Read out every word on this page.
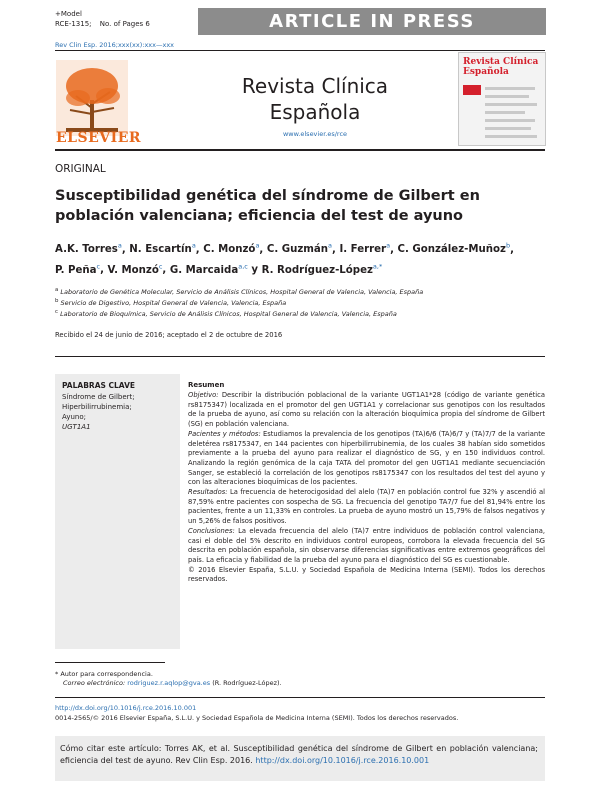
+Model
RCE-1315; No. of Pages 6	ARTICLE IN PRESS
Rev Clin Esp. 2016;xxx(xx):xxx—xxx
ELSEVIER
Revista Clínica
Española
www.elsevier.es/rce
Revista Clínica
Española
ORIGINAL
Susceptibilidad genética del síndrome de Gilbert en población valenciana; eficiencia del test de ayuno
A.K. Torres$^a$, N. Escartín$^a$, C. Monzó$^a$, C. Guzmán$^a$, I. Ferrer$^a$, C. González-Muñoz$^b$,
P. Peña$^c$, V. Monzó$^c$, G. Marcaida$^{a,c}$ y R. Rodríguez-López$^{a,*}$
$^a$ Laboratorio de Genética Molecular, Servicio de Análisis Clínicos, Hospital General de Valencia, Valencia, España
$^b$ Servicio de Digestivo, Hospital General de Valencia, Valencia, España
$^c$ Laboratorio de Bioquímica, Servicio de Análisis Clínicos, Hospital General de Valencia, Valencia, España
Recibido el 24 de junio de 2016; aceptado el 2 de octubre de 2016
PALABRAS CLAVE
Síndrome de Gilbert;
Hiperbilirrubinemia;
Ayuno;
UGT1A1
Resumen

Objetivo: Describir la distribución poblacional de la variante UGT1A1*28 (código de variante genética rs8175347) localizada en el promotor del gen UGT1A1 y correlacionar sus genotipos con los resultados de la prueba de ayuno, así como su relación con la alteración bioquímica propia del síndrome de Gilbert (SG) en población valenciana.

Pacientes y métodos: Estudiamos la prevalencia de los genotipos (TA)6/6 (TA)6/7 y (TA)7/7 de la variante deletérea rs8175347, en 144 pacientes con hiperbilirrubinemia, de los cuales 38 habían sido sometidos previamente a la prueba del ayuno para realizar el diagnóstico de SG, y en 150 individuos control. Analizando la región genómica de la caja TATA del promotor del gen UGT1A1 mediante secuenciación Sanger, se estableció la correlación de los genotipos rs8175347 con los resultados del test del ayuno y con las alteraciones bioquímicas de los pacientes.

Resultados: La frecuencia de heterocigosidad del alelo (TA)7 en población control fue 32% y ascendió al 87,59% entre pacientes con sospecha de SG. La frecuencia del genotipo TA7/7 fue del 81,94% entre los pacientes, frente a un 11,33% en controles. La prueba de ayuno mostró un 15,79% de falsos negativos y un 5,26% de falsos positivos.

Conclusiones: La elevada frecuencia del alelo (TA)7 entre individuos de población control valenciana, casi el doble del 5% descrito en individuos control europeos, corrobora la elevada frecuencia del SG descrita en población española, sin observarse diferencias significativas entre extremos geográficos del país. La eficacia y fiabilidad de la prueba del ayuno para el diagnóstico del SG es cuestionable.

© 2016 Elsevier España, S.L.U. y Sociedad Española de Medicina Interna (SEMI). Todos los derechos reservados.

* Autor para correspondencia.
Correo electrónico: rodriguez.r.aqlop@gva.es (R. Rodríguez-López).
http://dx.doi.org/10.1016/j.rce.2016.10.001
0014-2565/© 2016 Elsevier España, S.L.U. y Sociedad Española de Medicina Interna (SEMI). Todos los derechos reservados.
Cómo citar este artículo: Torres AK, et al. Susceptibilidad genética del síndrome de Gilbert en población valenciana; eficiencia del test de ayuno. Rev Clin Esp. 2016. http://dx.doi.org/10.1016/j.rce.2016.10.001
